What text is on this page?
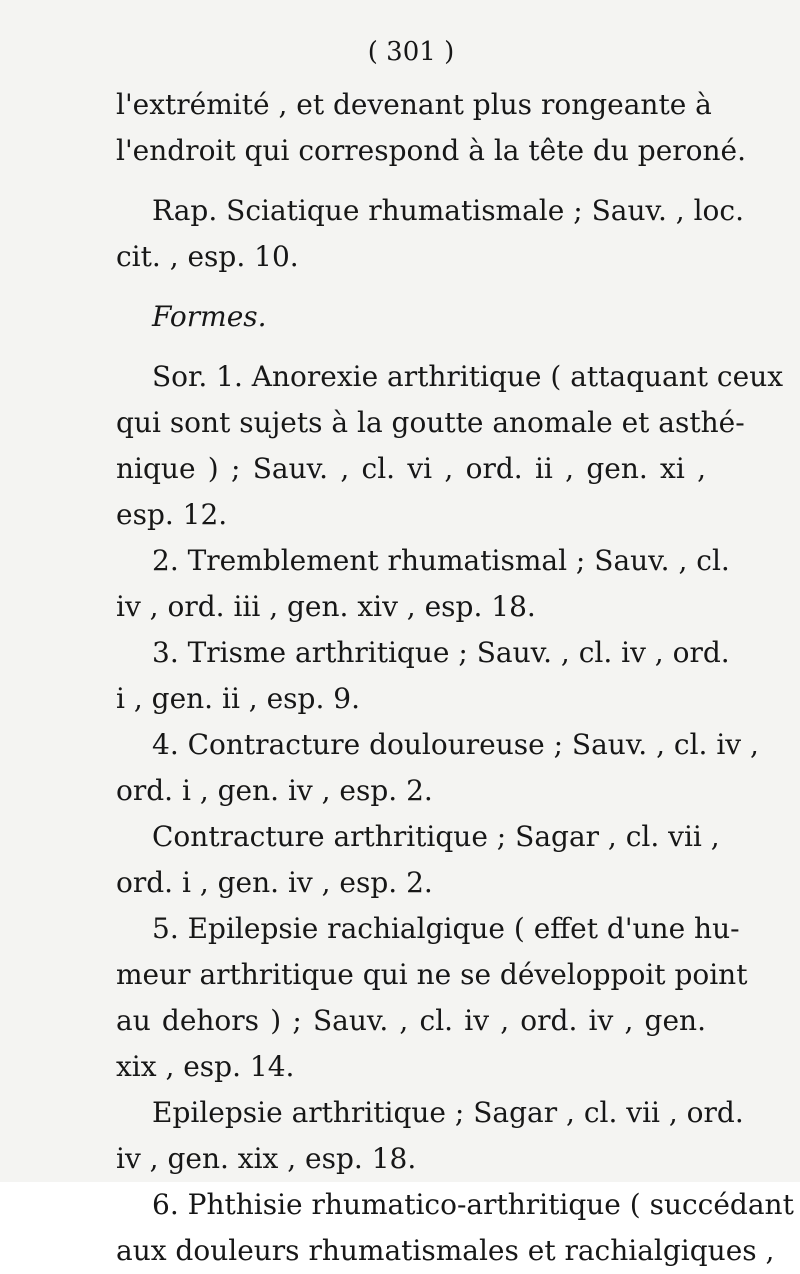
( 301 )
l'extrémité , et devenant plus rongeante à
l'endroit qui correspond à la tête du peroné.
Rap. Sciatique rhumatismale ; Sauv. , loc.
cit. , esp. 10.
Formes.
Sor. 1. Anorexie arthritique ( attaquant ceux
qui sont sujets à la goutte anomale et asthé-
nique ) ; Sauv. , cl. vi , ord. ii , gen. xi ,
esp. 12.
2. Tremblement rhumatismal ; Sauv. , cl.
iv , ord. iii , gen. xiv , esp. 18.
3. Trisme arthritique ; Sauv. , cl. iv , ord.
i , gen. ii , esp. 9.
4. Contracture douloureuse ; Sauv. , cl. iv ,
ord. i , gen. iv , esp. 2.
Contracture arthritique ; Sagar , cl. vii ,
ord. i , gen. iv , esp. 2.
5. Epilepsie rachialgique ( effet d'une hu-
meur arthritique qui ne se développoit point
au dehors ) ; Sauv. , cl. iv , ord. iv , gen.
xix , esp. 14.
Epilepsie arthritique ; Sagar , cl. vii , ord.
iv , gen. xix , esp. 18.
6. Phthisie rhumatico-arthritique ( succédant
aux douleurs rhumatismales et rachialgiques ,
